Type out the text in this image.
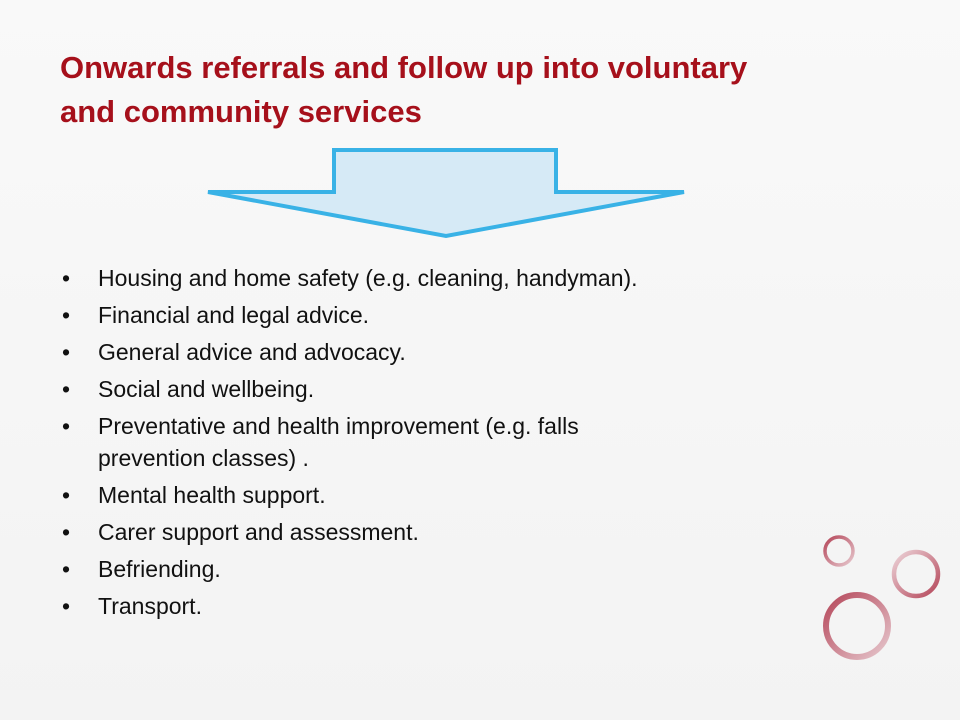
Onwards referrals and follow up into voluntary
and community services
• Housing and home safety (e.g. cleaning, handyman).
• Financial and legal advice.
• General advice and advocacy.
• Social and wellbeing.
• Preventative and health improvement (e.g. falls
prevention classes) .
• Mental health support.
• Carer support and assessment.
• Befriending.
• Transport.
